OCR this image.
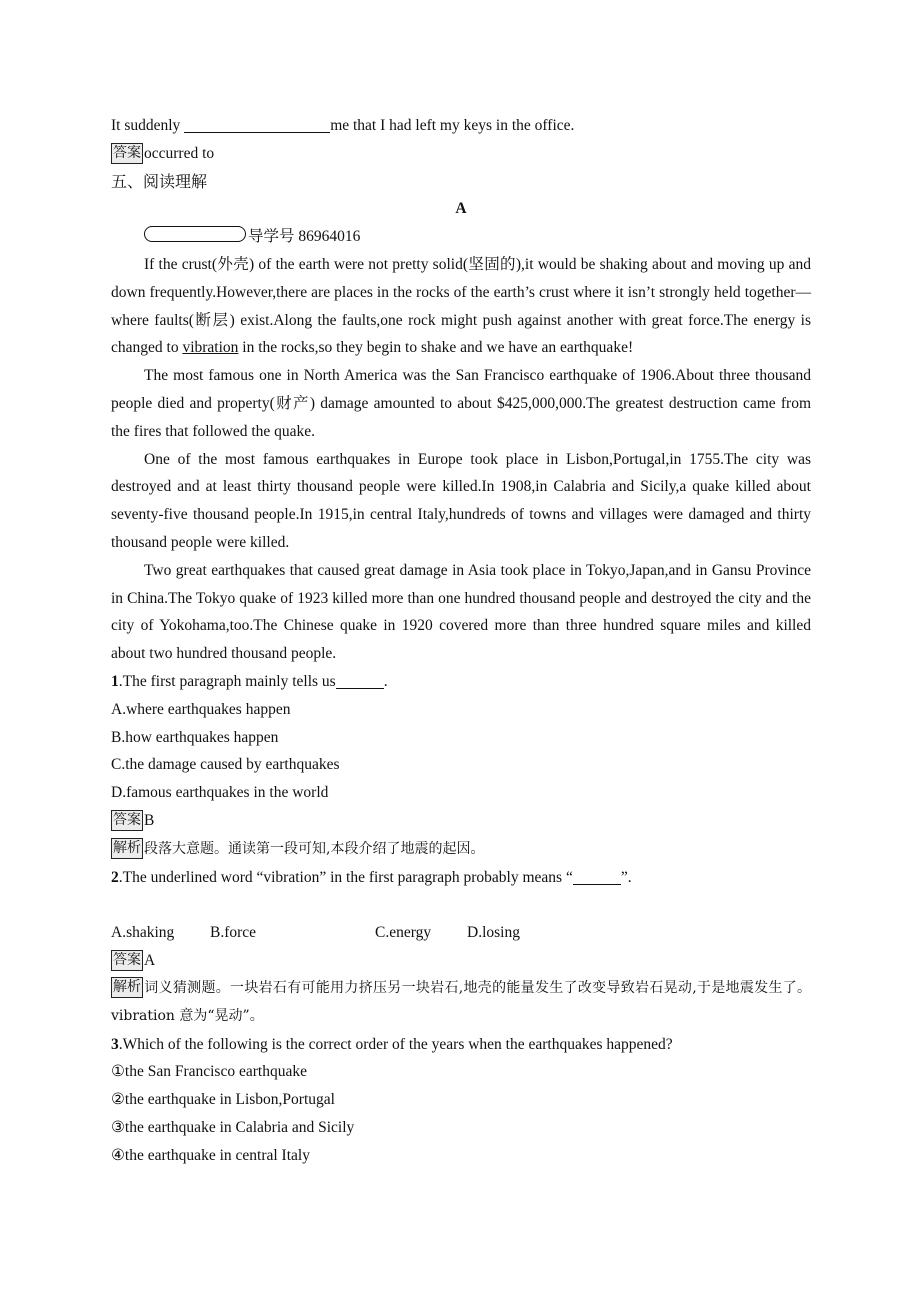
It suddenly	me that I had left my keys in the office.
答案 occurred to
五、阅读理解
A
导学号 86964016
If the crust(外壳) of the earth were not pretty solid(坚固的),it would be shaking about and moving up and down frequently.However,there are places in the rocks of the earth’s crust where it isn’t strongly held together—where faults(断层) exist.Along the faults,one rock might push against another with great force.The energy is changed to vibration in the rocks,so they begin to shake and we have an earthquake!
The most famous one in North America was the San Francisco earthquake of 1906.About three thousand people died and property(财产) damage amounted to about $425,000,000.The greatest destruction came from the fires that followed the quake.
One of the most famous earthquakes in Europe took place in Lisbon,Portugal,in 1755.The city was destroyed and at least thirty thousand people were killed.In 1908,in Calabria and Sicily,a quake killed about seventy-five thousand people.In 1915,in central Italy,hundreds of towns and villages were damaged and thirty thousand people were killed.
Two great earthquakes that caused great damage in Asia took place in Tokyo,Japan,and in Gansu Province in China.The Tokyo quake of 1923 killed more than one hundred thousand people and destroyed the city and the city of Yokohama,too.The Chinese quake in 1920 covered more than three hundred square miles and killed about two hundred thousand people.
1.The first paragraph mainly tells us	.
A.where earthquakes happen
B.how earthquakes happen
C.the damage caused by earthquakes
D.famous earthquakes in the world
答案 B
解析 段落大意题。通读第一段可知,本段介绍了地震的起因。
2.The underlined word “vibration” in the first paragraph probably means “	”.
A.shaking B.force	C.energy D.losing
答案 A
解析 词义猜测题。一块岩石有可能用力挤压另一块岩石,地壳的能量发生了改变导致岩石晃动,于是地震发生了。vibration 意为“晃动”。
3.Which of the following is the correct order of the years when the earthquakes happened?
①the San Francisco earthquake
②the earthquake in Lisbon,Portugal
③the earthquake in Calabria and Sicily
④the earthquake in central Italy
